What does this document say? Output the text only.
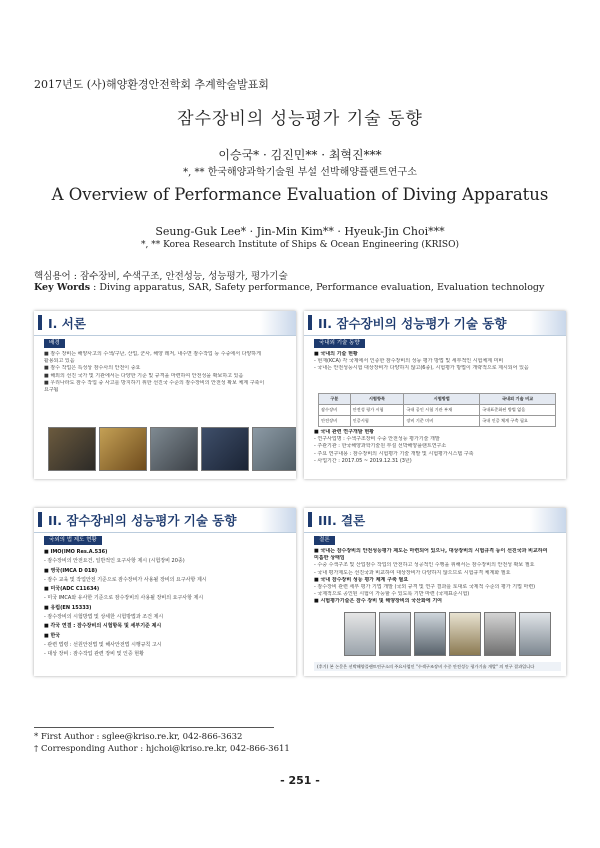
2017년도 (사)해양환경안전학회 추계학술발표회
잠수장비의 성능평가 기술 동향
이승국* · 김진민** · 최혁진***
*, ** 한국해양과학기술원 부설 선박해양플랜트연구소
A Overview of Performance Evaluation of Diving Apparatus
Seung-Guk Lee* · Jin-Min Kim** · Hyeuk-Jin Choi***
*, ** Korea Research Institute of Ships & Ocean Engineering (KRISO)
핵심용어 : 잠수장비, 수색구조, 안전성능, 성능평가, 평가기술
Key Words : Diving apparatus, SAR, Safety performance, Performance evaluation, Evaluation technology
I. 서론
배경
■ 잠수 장비는 해양사고의 수색/구난, 산업, 군사, 해양 레저, 내수면 잠수작업 등 수중에서 다양하게
활용되고 있음
■ 잠수 작업은 특성상 잠수사의 안전이 중요
■ 해외의 선진 국가 및 기관에서는 다양한 기준 및 규격을 마련하여 안전성을 확보하고 있음
■ 우리나라도 잠수 작업 중 사고를 방지하기 위한 선진국 수준의 잠수장비의 안전성 확보 체계 구축이
요구됨
II. 잠수장비의 성능평가 기술 동향
국내외 기술 동향
■ 국내의 기술 현황
- 현재(KCA) 각 국제에서 인증한 잠수장비의 성능 평가 방법 및 세부적인 시험체계 미비
- 국내는 안전성능시험 대상장비가 다양하지 않고(6종), 시험평가 방법이 개략적으로 제시되어 있음
구분	시험항목	시험방법	국내외 기술 비교
잠수장비	안전성 평가 시험	국내 공인 시험 기관 부재	국내표준화된 방법 없음
안전장비	인증시험	장비 기준 미비	국내 인증 체계 구축 필요
■ 국내 관련 연구개발 현황
- 연구사업명 : 수색구조장비 수중 안전성능 평가기술 개발
- 주관기관 : 한국해양과학기술원 부설 선박해양플랜트연구소
- 주요 연구내용 : 잠수장비의 시험평가 기술 개발 및 시험평가시스템 구축
- 사업기간 : 2017.05 ~ 2019.12.31 (3년)
II. 잠수장비의 성능평가 기술 동향
국외의 법 제도 현황
■ IMO(IMO Res.A.536)
- 잠수장비의 안전요건, 일반적인 요구사항 제시 (시험장비 20종)
■ 영국(IMCA D 018)
- 잠수 교육 및 작업안전 기준으로 잠수장비가 사용될 장비의 요구사항 제시
■ 미국(ADC C11634)
- 미국 IMCA와 유사한 기준으로 잠수장비의 사용될 장비의 요구사항 제시
■ 유럽(EN 15333)
- 잠수장비의 시험방법 및 상세한 시험방법과 조건 제시
■ 각국 연결 : 잠수장비의 시험항목 및 세부기준 제시
■ 한국
- 관련 법령 : 선원안전법 및 해사안전법 시행규칙 고시
- 대상 장비 : 잠수작업 관련 장비 및 인증 현황
III. 결론
결론
■ 국내는 잠수장비의 안전성능평가 제도는 마련되어 있으나, 대상장비의 시험규격 등이 선진국과 비교하여
미흡한 상태임
- 수중 수색구조 및 산업잠수 작업의 안전하고 성공적인 수행을 위해서는 잠수장비의 안전성 확보 필요
- 국내 평가제도는 선진국과 비교하여 대상장비가 다양하지 않으므로 시험규격 체계화 필요
■ 국내 잠수장비 성능 평가 체계 구축 필요
- 잠수장비 관련 세부 평가 기법 개발 (국외 규격 및 연구 결과를 토대로 국제적 수준의 평가 기법 마련)
- 국제적으로 공인된 시험이 가능할 수 있도록 기반 마련 (국제표준시험)
■ 시험평가기술은 잠수 장비 및 해양장비의 국산화에 기여
(후기) 본 논문은 선박해양플랜트연구소의 주요사업인 "수색구조장비 수중 안전성능 평가기술 개발" 의 연구 결과입니다
* First Author : sglee@kriso.re.kr, 042-866-3632
† Corresponding Author : hjchoi@kriso.re.kr, 042-866-3611
- 251 -
